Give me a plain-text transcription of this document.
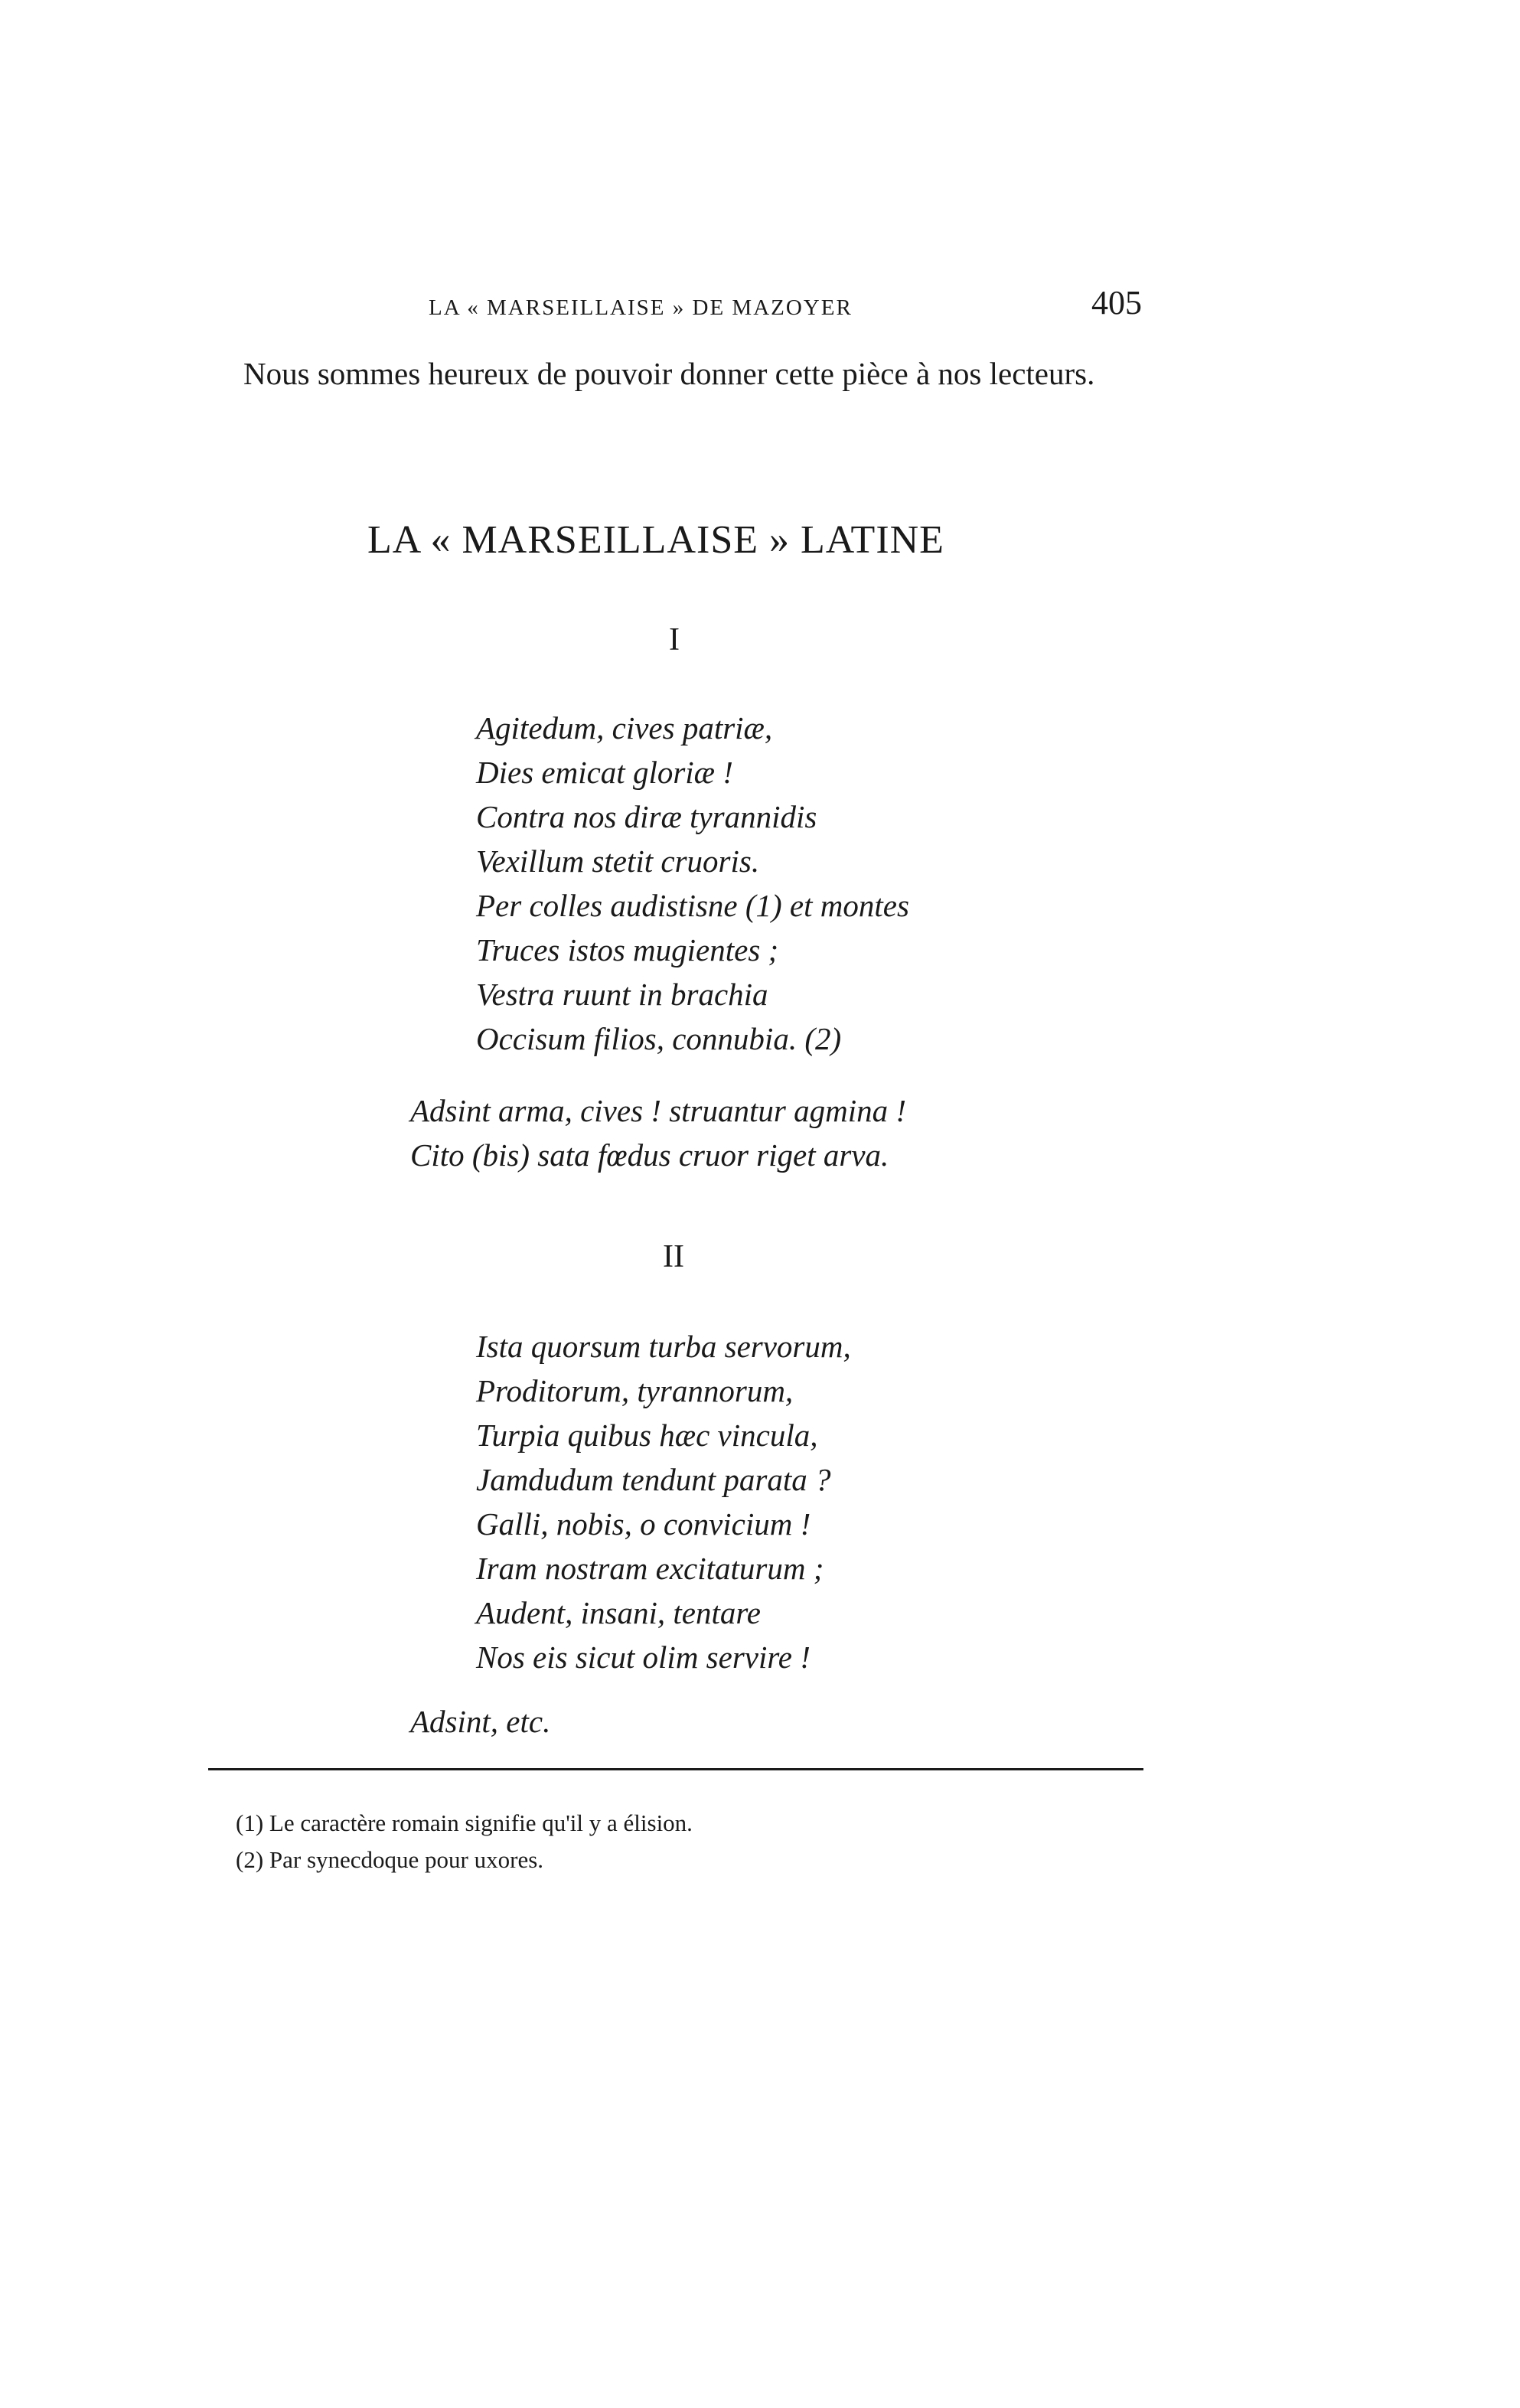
LA « MARSEILLAISE » DE MAZOYER	405
Nous sommes heureux de pouvoir donner cette pièce à nos lecteurs.
LA « MARSEILLAISE » LATINE
I
Agitedum, cives patriæ,
Dies emicat gloriæ !
Contra nos diræ tyrannidis
Vexillum stetit cruoris.
Per colles audistisne (1) et montes
Truces istos mugientes ;
Vestra ruunt in brachia
Occisum filios, connubia. (2)
Adsint arma, cives ! struantur agmina !
Cito (bis) sata fœdus cruor riget arva.
II
Ista quorsum turba servorum,
Proditorum, tyrannorum,
Turpia quibus hæc vincula,
Jamdudum tendunt parata ?
Galli, nobis, o convicium !
Iram nostram excitaturum ;
Audent, insani, tentare
Nos eis sicut olim servire !
Adsint, etc.
(1) Le caractère romain signifie qu'il y a élision.
(2) Par synecdoque pour uxores.
